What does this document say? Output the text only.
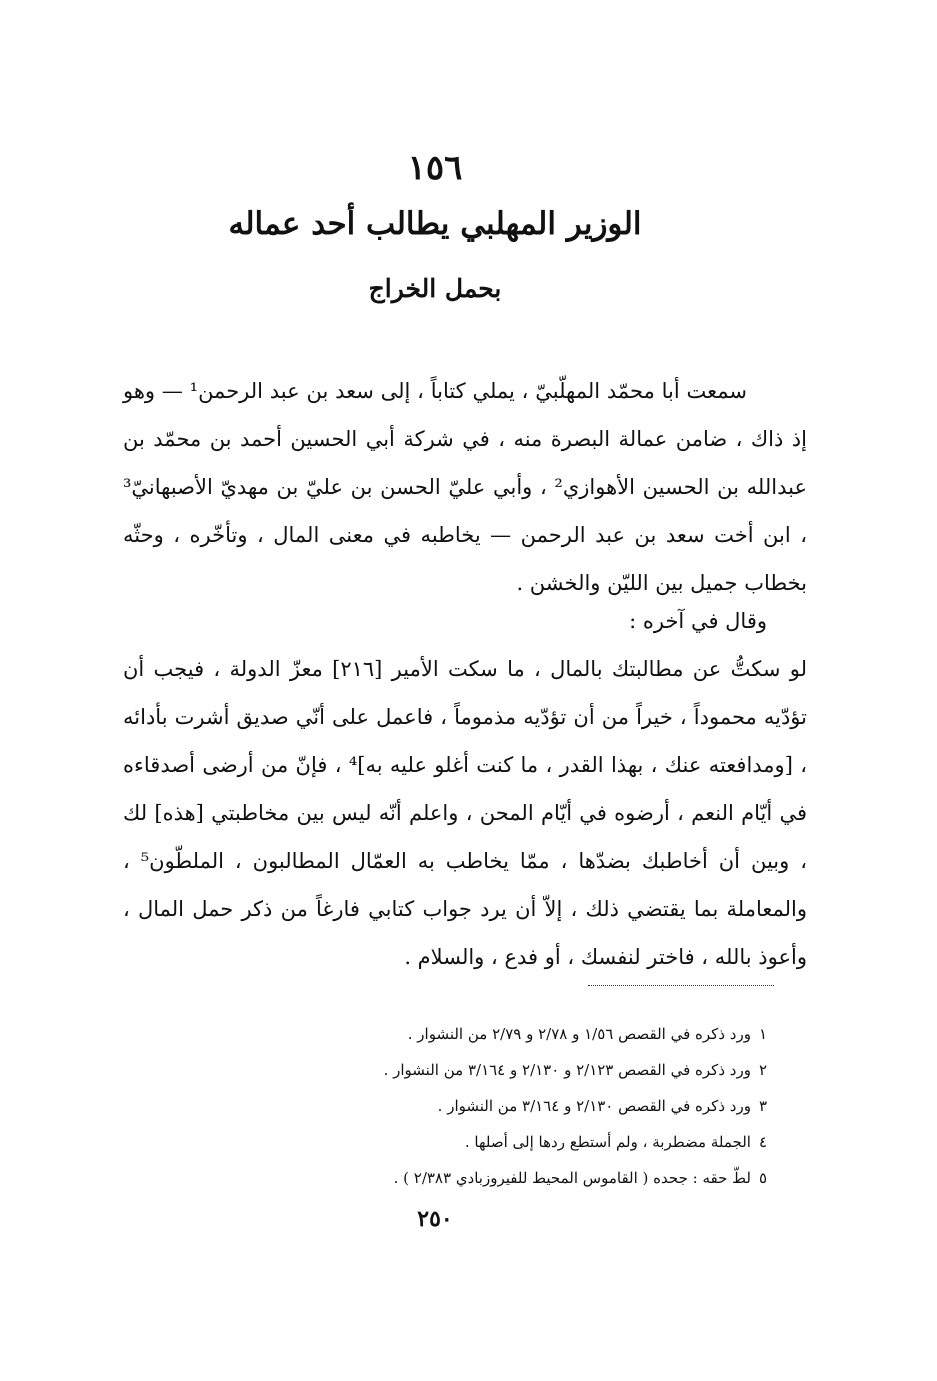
١٥٦
الوزير المهلبي يطالب أحد عماله
بحمل الخراج

سمعت أبا محمّد المهلّبيّ ، يملي كتاباً ، إلى سعد بن عبد الرحمن¹ — وهو إذ ذاك ، ضامن عمالة البصرة منه ، في شركة أبي الحسين أحمد بن محمّد بن عبدالله بن الحسين الأهوازي² ، وأبي عليّ الحسن بن عليّ بن مهديّ الأصبهانيّ³ ، ابن أخت سعد بن عبد الرحمن — يخاطبه في معنى المال ، وتأخّره ، وحثّه بخطاب جميل بين الليّن والخشن .

وقال في آخره :

لو سكتُّ عن مطالبتك بالمال ، ما سكت الأمير [٢١٦] معزّ الدولة ، فيجب أن تؤدّيه محموداً ، خيراً من أن تؤدّيه مذموماً ، فاعمل على أنّي صديق أشرت بأدائه ، [ومدافعته عنك ، بهذا القدر ، ما كنت أغلو عليه به]⁴ ، فإنّ من أرضى أصدقاءه في أيّام النعم ، أرضوه في أيّام المحن ، واعلم أنّه ليس بين مخاطبتي [هذه] لك ، وبين أن أخاطبك بضدّها ، ممّا يخاطب به العمّال المطالبون ، الملطّون⁵ ، والمعاملة بما يقتضي ذلك ، إلاّ أن يرد جواب كتابي فارغاً من ذكر حمل المال ، وأعوذ بالله ، فاختر لنفسك ، أو فدع ، والسلام .

١ورد ذكره في القصص ١/٥٦ و ٢/٧٨ و ٢/٧٩ من النشوار .

٢ورد ذكره في القصص ٢/١٢٣ و ٢/١٣٠ و ٣/١٦٤ من النشوار .

٣ورد ذكره في القصص ٢/١٣٠ و ٣/١٦٤ من النشوار .

٤الجملة مضطربة ، ولم أستطع ردها إلى أصلها .

٥لطّ حقه : جحده ( القاموس المحيط للفيروزبادي ٢/٣٨٣ ) .

٢٥٠
